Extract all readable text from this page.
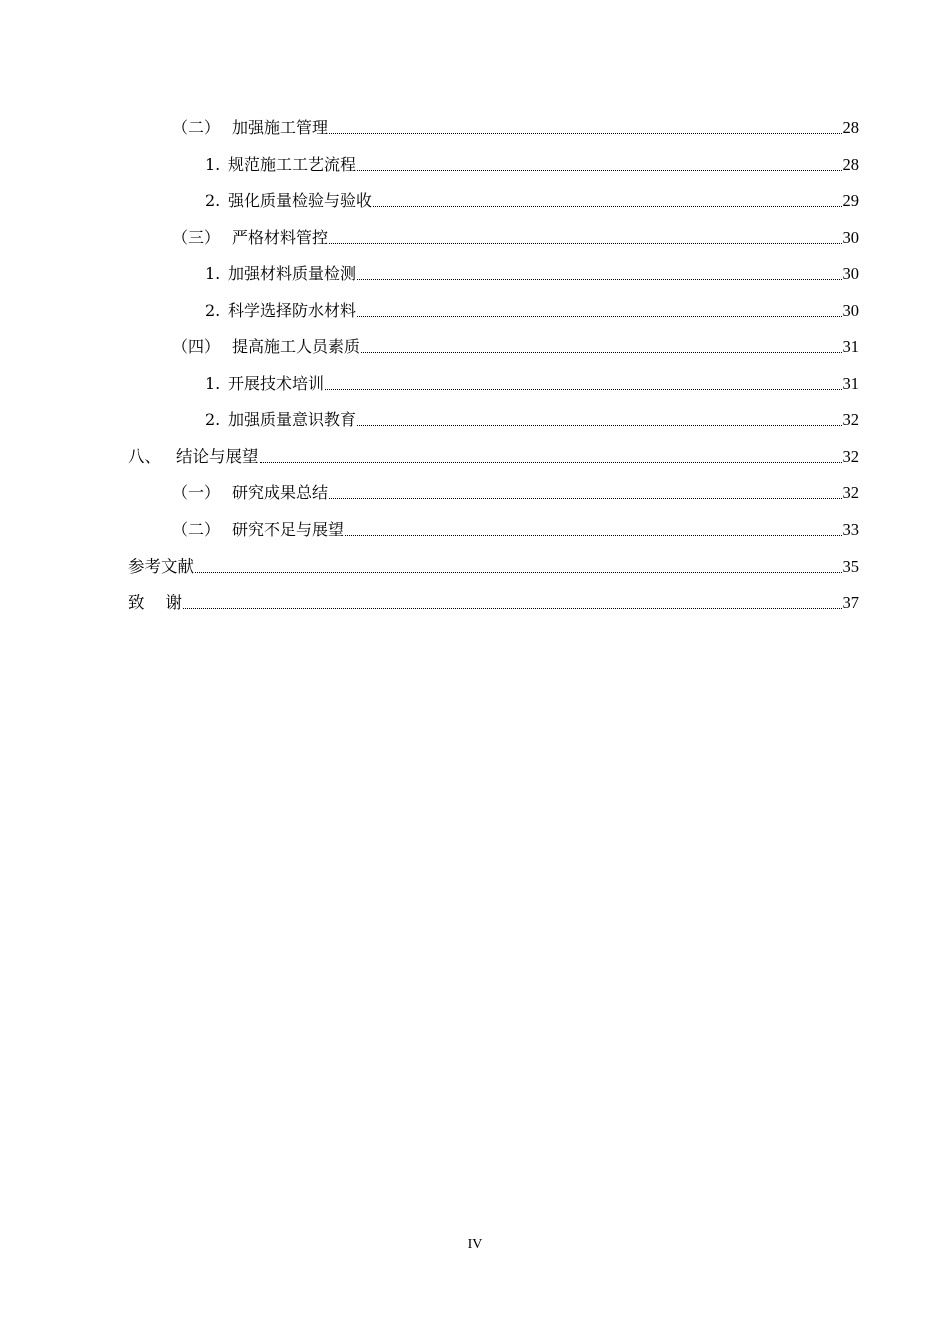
（二） 加强施工管理	28
1. 规范施工工艺流程	28
2. 强化质量检验与验收	29
（三） 严格材料管控	30
1. 加强材料质量检测	30
2. 科学选择防水材料	30
（四） 提高施工人员素质	31
1. 开展技术培训	31
2. 加强质量意识教育	32
八、 结论与展望	32
（一） 研究成果总结	32
（二） 研究不足与展望	33
参考文献	35
致    谢	37
IV
